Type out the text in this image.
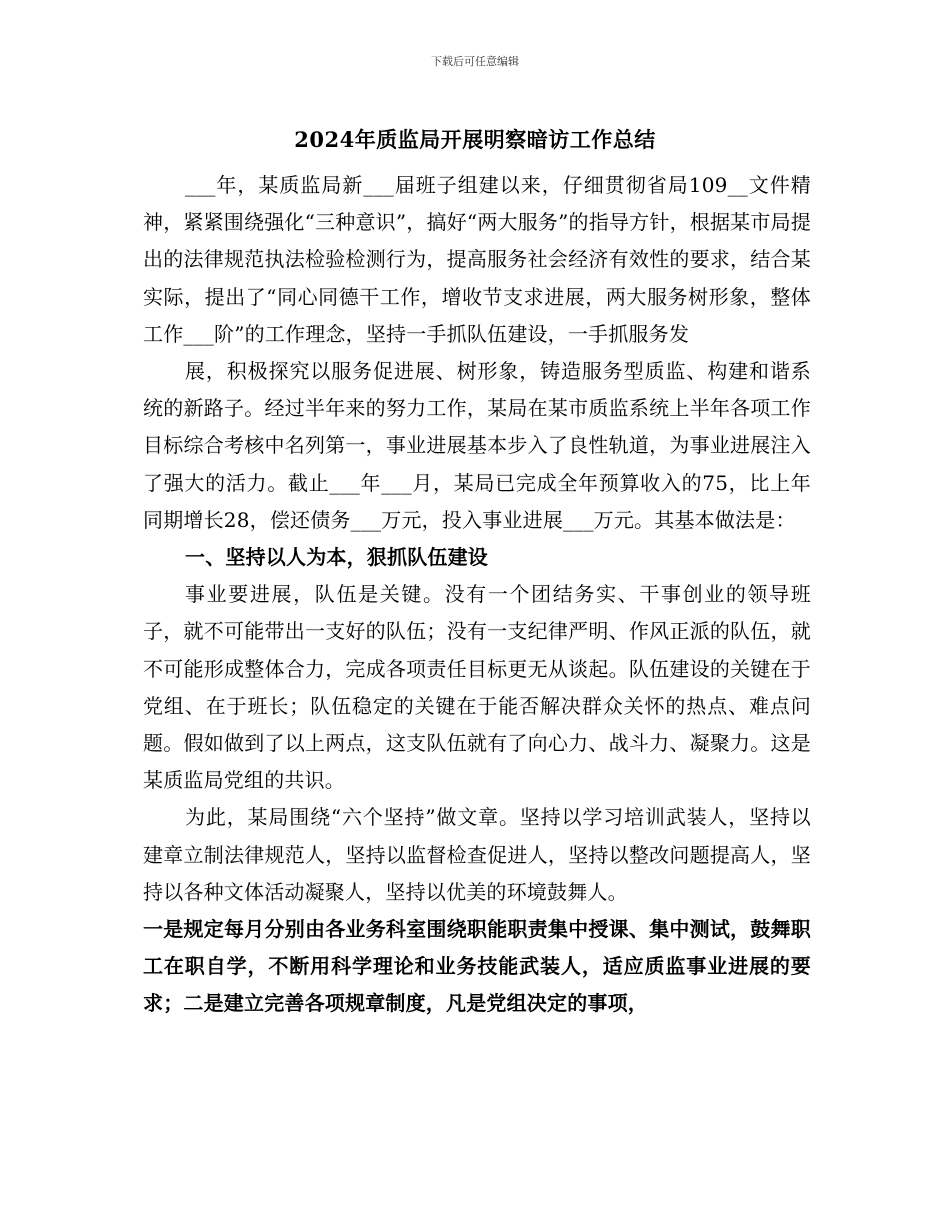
下载后可任意编辑
2024年质监局开展明察暗访工作总结

___年，某质监局新___届班子组建以来，仔细贯彻省局109__文件精神，紧紧围绕强化“三种意识”，搞好“两大服务”的指导方针，根据某市局提出的法律规范执法检验检测行为，提高服务社会经济有效性的要求，结合某实际，提出了“同心同德干工作，增收节支求进展，两大服务树形象，整体工作___阶”的工作理念，坚持一手抓队伍建设，一手抓服务发

展，积极探究以服务促进展、树形象，铸造服务型质监、构建和谐系统的新路子。经过半年来的努力工作，某局在某市质监系统上半年各项工作目标综合考核中名列第一，事业进展基本步入了良性轨道，为事业进展注入了强大的活力。截止___年___月，某局已完成全年预算收入的75，比上年同期增长28，偿还债务___万元，投入事业进展___万元。其基本做法是：

一、坚持以人为本，狠抓队伍建设

事业要进展，队伍是关键。没有一个团结务实、干事创业的领导班子，就不可能带出一支好的队伍；没有一支纪律严明、作风正派的队伍，就不可能形成整体合力，完成各项责任目标更无从谈起。队伍建设的关键在于党组、在于班长；队伍稳定的关键在于能否解决群众关怀的热点、难点问题。假如做到了以上两点，这支队伍就有了向心力、战斗力、凝聚力。这是某质监局党组的共识。

为此，某局围绕“六个坚持”做文章。坚持以学习培训武装人，坚持以建章立制法律规范人，坚持以监督检查促进人，坚持以整改问题提高人，坚持以各种文体活动凝聚人，坚持以优美的环境鼓舞人。

一是规定每月分别由各业务科室围绕职能职责集中授课、集中测试，鼓舞职工在职自学，不断用科学理论和业务技能武装人，适应质监事业进展的要求；二是建立完善各项规章制度，凡是党组决定的事项，
